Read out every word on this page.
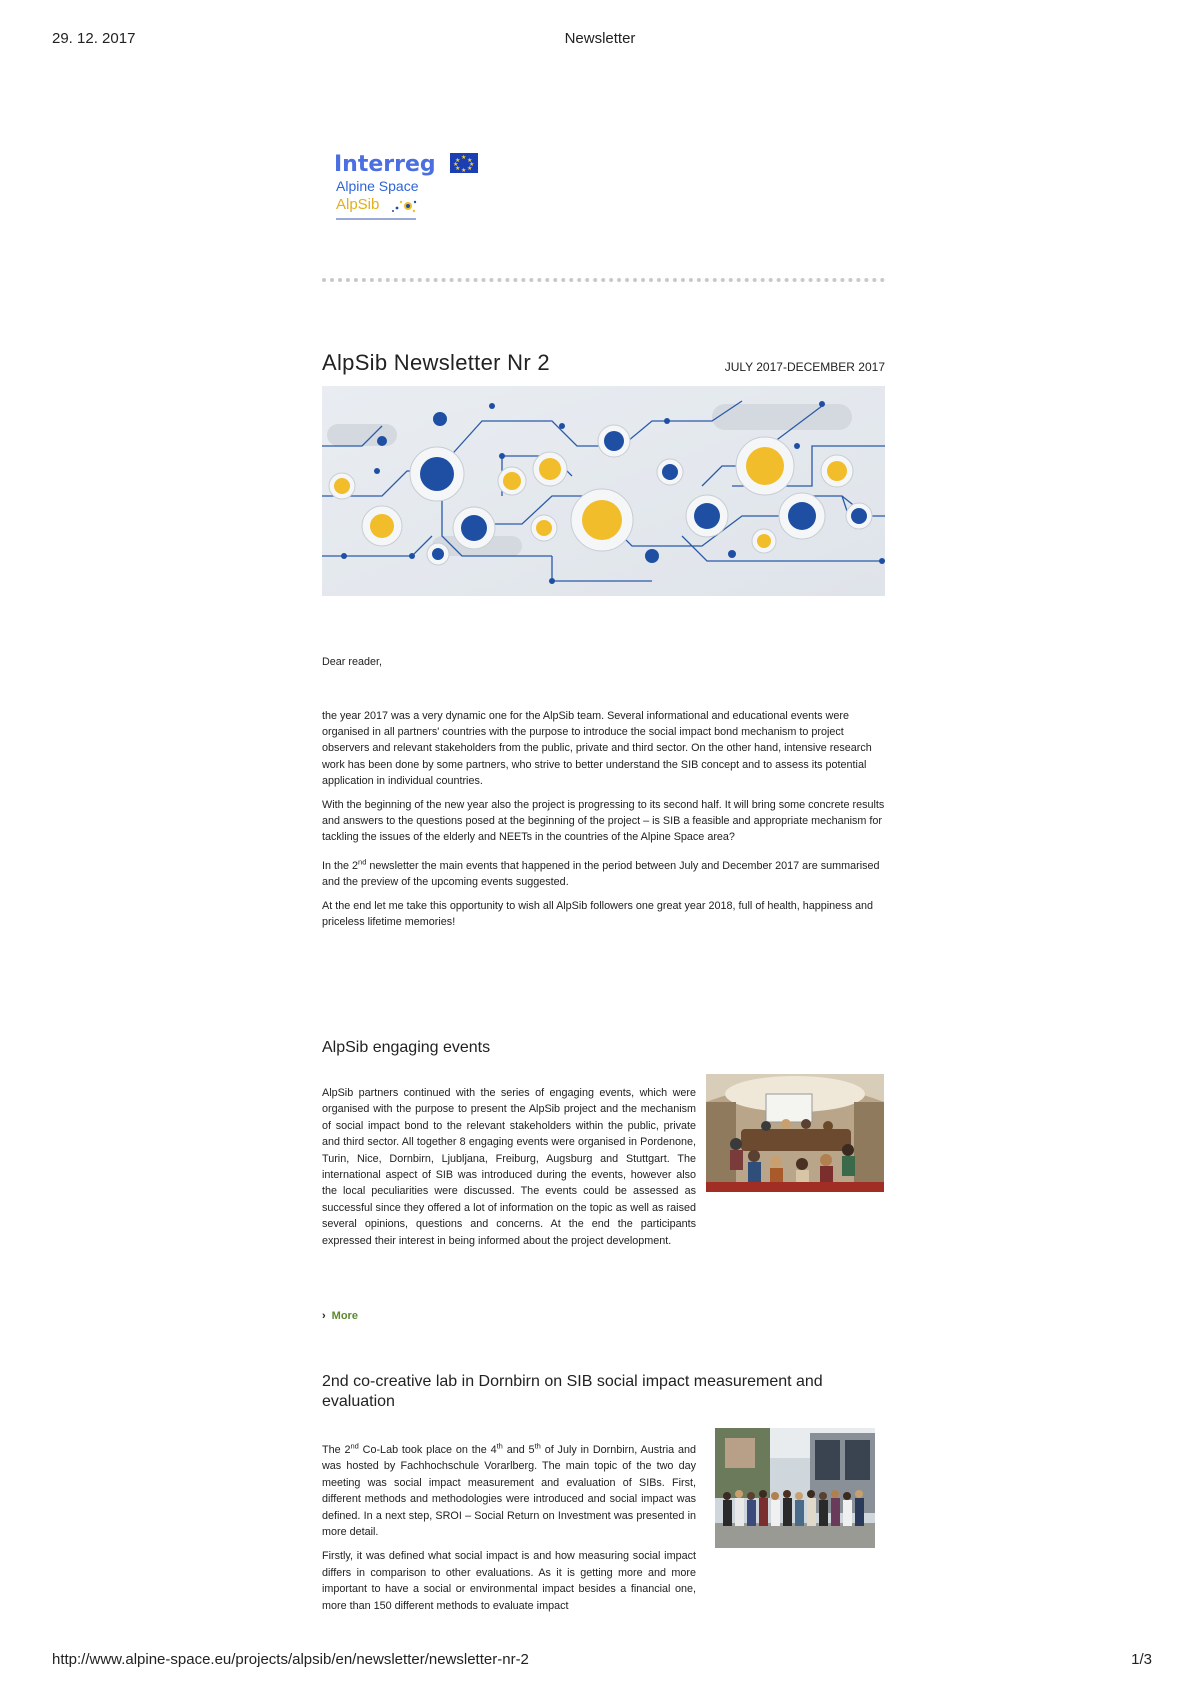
29. 12. 2017	Newsletter
http://www.alpine-space.eu/projects/alpsib/en/newsletter/newsletter-nr-2	1/3
Interreg	★
★ ★
★ ★
★ ★
★
Alpine Space
AlpSib
AlpSib Newsletter Nr 2	JULY 2017-DECEMBER 2017
Dear reader,

the year 2017 was a very dynamic one for the AlpSib team. Several informational and educational events were organised in all partners' countries with the purpose to introduce the social impact bond mechanism to project observers and relevant stakeholders from the public, private and third sector. On the other hand, intensive research work has been done by some partners, who strive to better understand the SIB concept and to assess its potential application in individual countries.

With the beginning of the new year also the project is progressing to its second half. It will bring some concrete results and answers to the questions posed at the beginning of the project – is SIB a feasible and appropriate mechanism for tackling the issues of the elderly and NEETs in the countries of the Alpine Space area?

In the 2nd newsletter the main events that happened in the period between July and December 2017 are summarised and the preview of the upcoming events suggested.

At the end let me take this opportunity to wish all AlpSib followers one great year 2018, full of health, happiness and priceless lifetime memories!

AlpSib engaging events

AlpSib partners continued with the series of engaging events, which were organised with the purpose to present the AlpSib project and the mechanism of social impact bond to the relevant stakeholders within the public, private and third sector. All together 8 engaging events were organised in Pordenone, Turin, Nice, Dornbirn, Ljubljana, Freiburg, Augsburg and Stuttgart. The international aspect of SIB was introduced during the events, however also the local peculiarities were discussed. The events could be assessed as successful since they offered a lot of information on the topic as well as raised several opinions, questions and concerns. At the end the participants expressed their interest in being informed about the project development.

› More
2nd co-creative lab in Dornbirn on SIB social impact measurement and evaluation

The 2nd Co-Lab took place on the 4th and 5th of July in Dornbirn, Austria and was hosted by Fachhochschule Vorarlberg. The main topic of the two day meeting was social impact measurement and evaluation of SIBs. First, different methods and methodologies were introduced and social impact was defined. In a next step, SROI – Social Return on Investment was presented in more detail.

Firstly, it was defined what social impact is and how measuring social impact differs in comparison to other evaluations. As it is getting more and more important to have a social or environmental impact besides a financial one, more than 150 different methods to evaluate impact
